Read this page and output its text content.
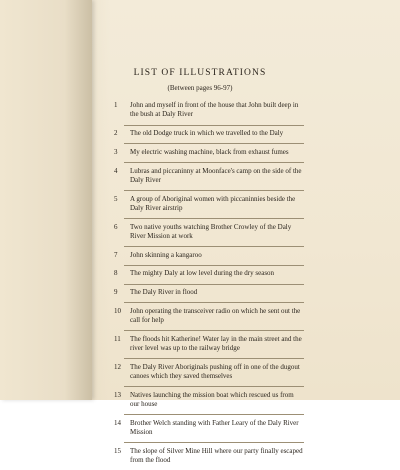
LIST OF ILLUSTRATIONS
(Between pages 96-97)
1 John and myself in front of the house that John built deep in the bush at Daly River
2 The old Dodge truck in which we travelled to the Daly
3 My electric washing machine, black from exhaust fumes
4 Lubras and piccaninny at Moonface's camp on the side of the Daly River
5 A group of Aboriginal women with piccaninnies beside the Daly River airstrip
6 Two native youths watching Brother Crowley of the Daly River Mission at work
7 John skinning a kangaroo
8 The mighty Daly at low level during the dry season
9 The Daly River in flood
10 John operating the transceiver radio on which he sent out the call for help
11 The floods hit Katherine! Water lay in the main street and the river level was up to the railway bridge
12 The Daly River Aboriginals pushing off in one of the dugout canoes which they saved themselves
13 Natives launching the mission boat which rescued us from our house
14 Brother Welch standing with Father Leary of the Daly River Mission
15 The slope of Silver Mine Hill where our party finally escaped from the flood
